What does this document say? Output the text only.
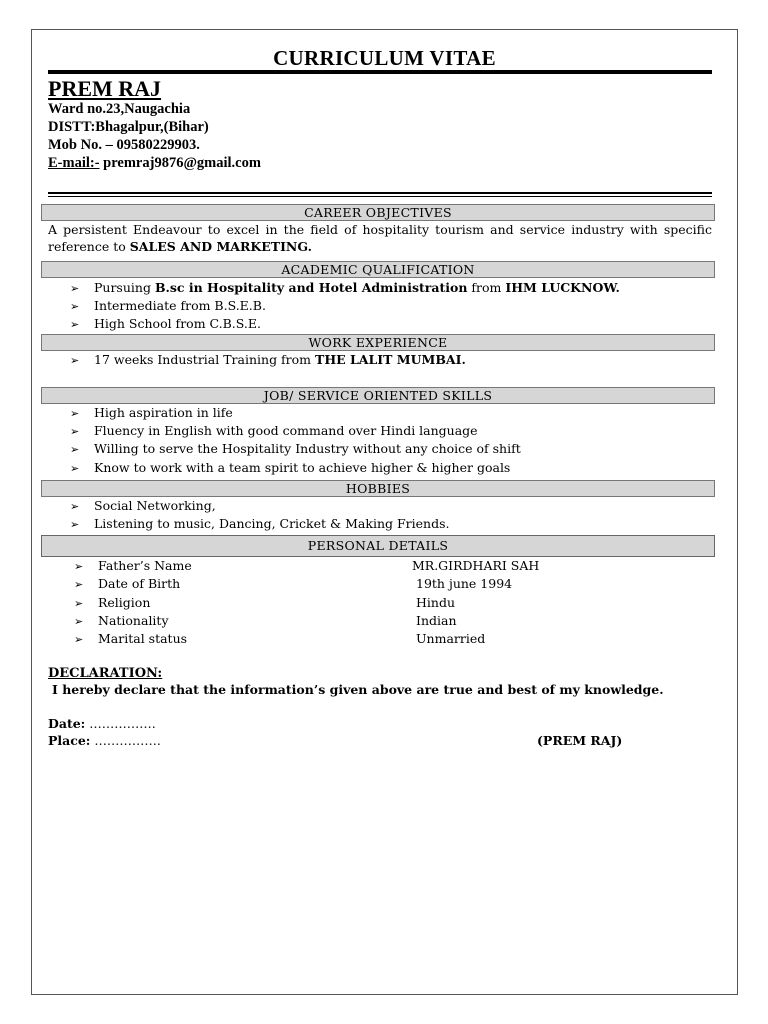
CURRICULUM VITAE
PREM RAJ
Ward no.23,Naugachia
DISTT:Bhagalpur,(Bihar)
Mob No. – 09580229903.
E-mail:- premraj9876@gmail.com
CAREER OBJECTIVES
A persistent Endeavour to excel in the field of hospitality tourism and service industry with specific reference to SALES AND MARKETING.
ACADEMIC QUALIFICATION
➢ Pursuing B.sc in Hospitality and Hotel Administration from IHM LUCKNOW.
➢ Intermediate from B.S.E.B.
➢ High School from C.B.S.E.
WORK EXPERIENCE
➢ 17 weeks Industrial Training from THE LALIT MUMBAI.
JOB/ SERVICE ORIENTED SKILLS
➢ High aspiration in life
➢ Fluency in English with good command over Hindi language
➢ Willing to serve the Hospitality Industry without any choice of shift
➢ Know to work with a team spirit to achieve higher & higher goals
HOBBIES
➢ Social Networking,
➢ Listening to music, Dancing, Cricket & Making Friends.
PERSONAL DETAILS
➢ Father’s Name	MR.GIRDHARI SAH
➢ Date of Birth	19th june 1994
➢ Religion	Hindu
➢ Nationality	Indian
➢ Marital status	Unmarried
DECLARATION:
I hereby declare that the information’s given above are true and best of my knowledge.
Date: …………….
Place: …………….	(PREM RAJ)
